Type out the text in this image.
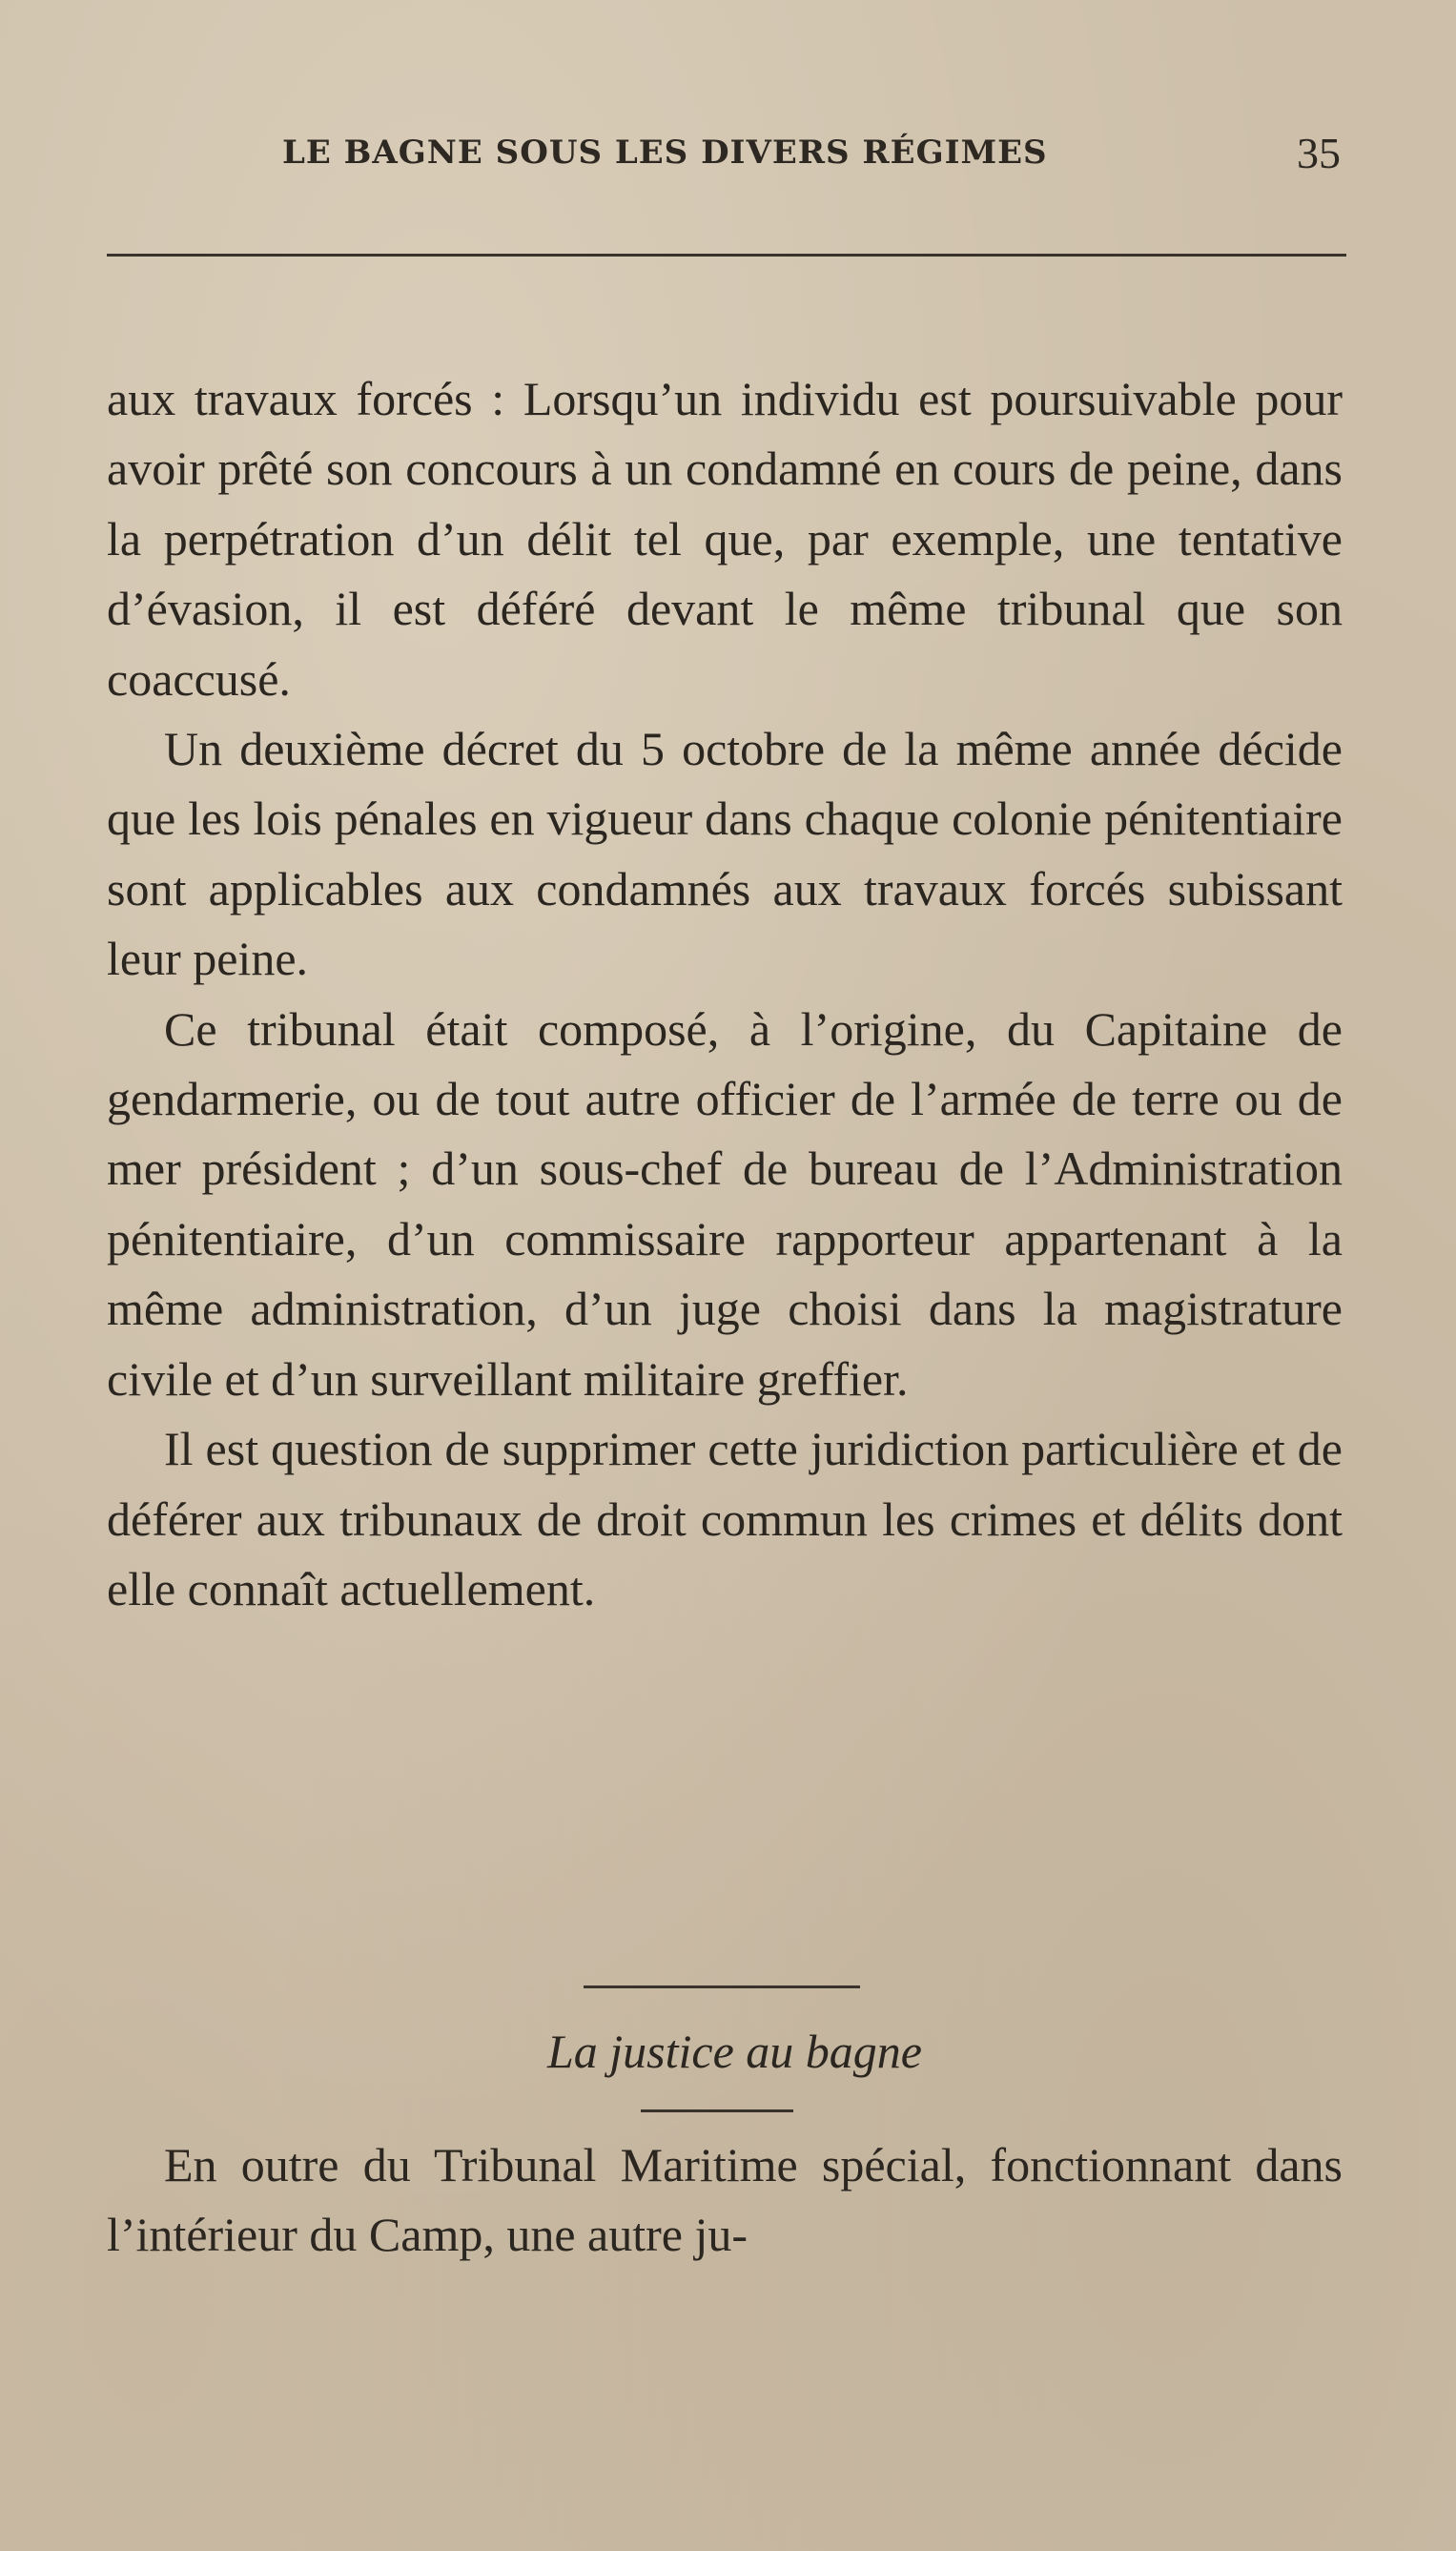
LE BAGNE SOUS LES DIVERS RÉGIMES	35

aux travaux forcés : Lorsqu’un individu est poursuivable pour avoir prêté son concours à un condamné en cours de peine, dans la perpétration d’un délit tel que, par exemple, une tentative d’évasion, il est déféré devant le même tribunal que son coaccusé.

Un deuxième décret du 5 octobre de la même année décide que les lois pénales en vigueur dans chaque colonie pénitentiaire sont applicables aux condamnés aux travaux forcés subissant leur peine.

Ce tribunal était composé, à l’origine, du Capitaine de gendarmerie, ou de tout autre officier de l’armée de terre ou de mer président ; d’un sous-chef de bureau de l’Administration pénitentiaire, d’un commissaire rapporteur appartenant à la même administration, d’un juge choisi dans la magistrature civile et d’un surveillant militaire greffier.

Il est question de supprimer cette juridiction particulière et de déférer aux tribunaux de droit commun les crimes et délits dont elle connaît actuellement.

La justice au bagne

En outre du Tribunal Maritime spécial, fonctionnant dans l’intérieur du Camp, une autre ju-
